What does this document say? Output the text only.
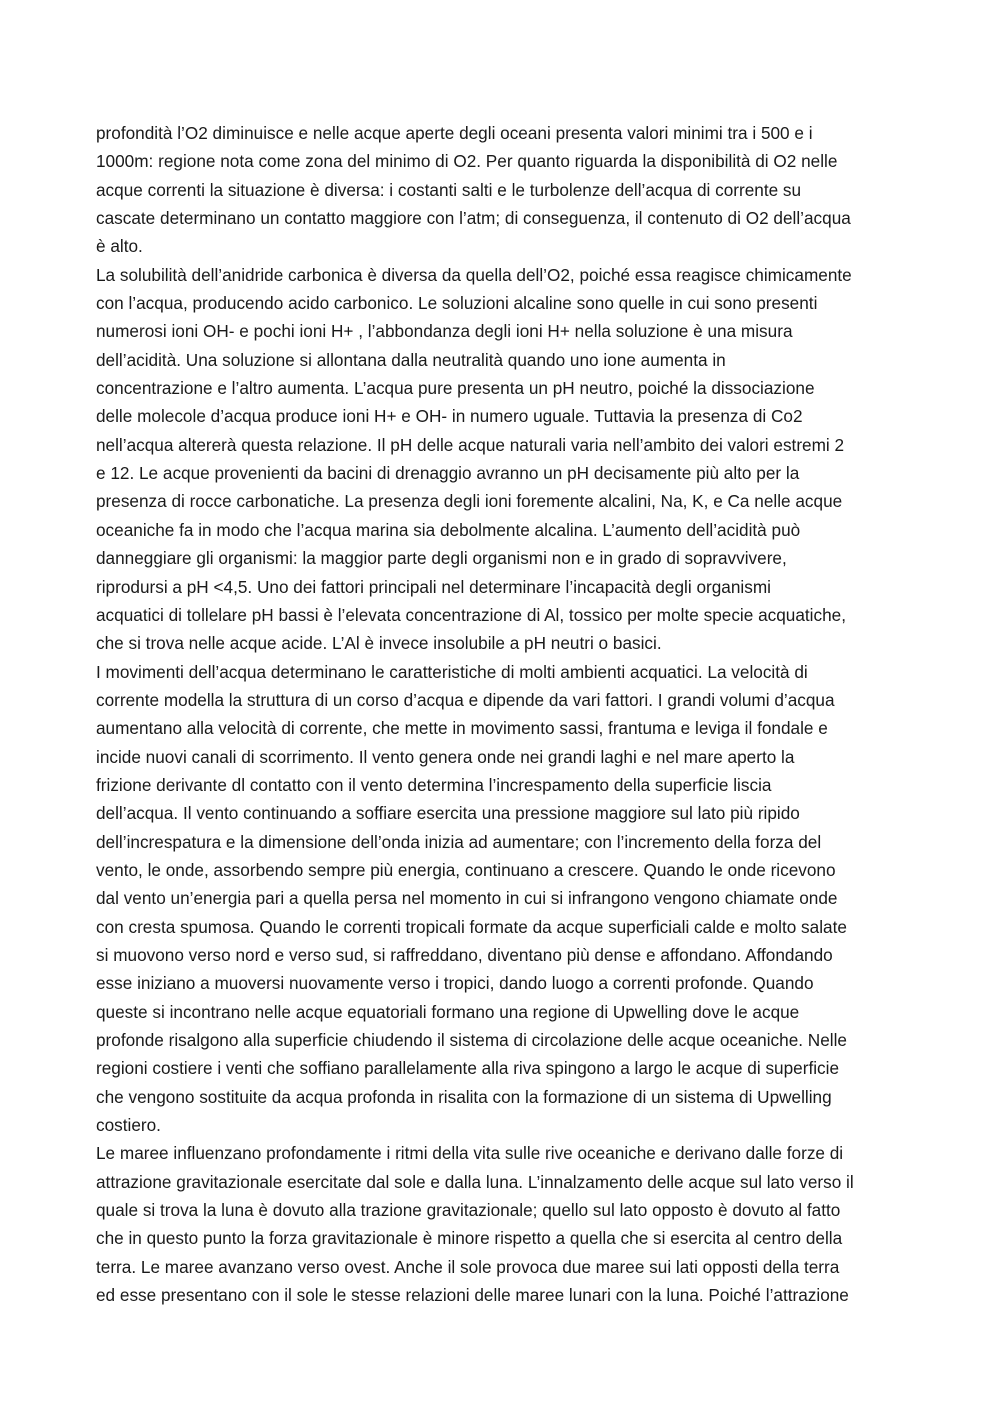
profondità l’O2 diminuisce e nelle acque aperte degli oceani presenta valori minimi tra i 500 e i
1000m: regione nota come zona del minimo di O2. Per quanto riguarda la disponibilità di O2 nelle
acque correnti la situazione è diversa: i costanti salti e le turbolenze dell’acqua di corrente su
cascate determinano un contatto maggiore con l’atm; di conseguenza, il contenuto di O2 dell’acqua
è alto.
La solubilità dell’anidride carbonica è diversa da quella dell’O2, poiché essa reagisce chimicamente
con l’acqua, producendo acido carbonico. Le soluzioni alcaline sono quelle in cui sono presenti
numerosi ioni OH- e pochi ioni H+ , l’abbondanza degli ioni H+ nella soluzione è una misura
dell’acidità. Una soluzione si allontana dalla neutralità quando uno ione aumenta in
concentrazione e l’altro aumenta. L’acqua pure presenta un pH neutro, poiché la dissociazione
delle molecole d’acqua produce ioni H+ e OH- in numero uguale. Tuttavia la presenza di Co2
nell’acqua altererà questa relazione. Il pH delle acque naturali varia nell’ambito dei valori estremi 2
e 12. Le acque provenienti da bacini di drenaggio avranno un pH decisamente più alto per la
presenza di rocce carbonatiche. La presenza degli ioni foremente alcalini, Na, K, e Ca nelle acque
oceaniche fa in modo che l’acqua marina sia debolmente alcalina. L’aumento dell’acidità può
danneggiare gli organismi: la maggior parte degli organismi non e in grado di sopravvivere,
riprodursi a pH <4,5. Uno dei fattori principali nel determinare l’incapacità degli organismi
acquatici di tollelare pH bassi è l’elevata concentrazione di Al, tossico per molte specie acquatiche,
che si trova nelle acque acide. L’Al è invece insolubile a pH neutri o basici.
I movimenti dell’acqua determinano le caratteristiche di molti ambienti acquatici. La velocità di
corrente modella la struttura di un corso d’acqua e dipende da vari fattori. I grandi volumi d’acqua
aumentano alla velocità di corrente, che mette in movimento sassi, frantuma e leviga il fondale e
incide nuovi canali di scorrimento. Il vento genera onde nei grandi laghi e nel mare aperto la
frizione derivante dl contatto con il vento determina l’increspamento della superficie liscia
dell’acqua. Il vento continuando a soffiare esercita una pressione maggiore sul lato più ripido
dell’increspatura e la dimensione dell’onda inizia ad aumentare; con l’incremento della forza del
vento, le onde, assorbendo sempre più energia, continuano a crescere. Quando le onde ricevono
dal vento un’energia pari a quella persa nel momento in cui si infrangono vengono chiamate onde
con cresta spumosa. Quando le correnti tropicali formate da acque superficiali calde e molto salate
si muovono verso nord e verso sud, si raffreddano, diventano più dense e affondano. Affondando
esse iniziano a muoversi nuovamente verso i tropici, dando luogo a correnti profonde. Quando
queste si incontrano nelle acque equatoriali formano una regione di Upwelling dove le acque
profonde risalgono alla superficie chiudendo il sistema di circolazione delle acque oceaniche. Nelle
regioni costiere i venti che soffiano parallelamente alla riva spingono a largo le acque di superficie
che vengono sostituite da acqua profonda in risalita con la formazione di un sistema di Upwelling
costiero.
Le maree influenzano profondamente i ritmi della vita sulle rive oceaniche e derivano dalle forze di
attrazione gravitazionale esercitate dal sole e dalla luna. L’innalzamento delle acque sul lato verso il
quale si trova la luna è dovuto alla trazione gravitazionale; quello sul lato opposto è dovuto al fatto
che in questo punto la forza gravitazionale è minore rispetto a quella che si esercita al centro della
terra. Le maree avanzano verso ovest. Anche il sole provoca due maree sui lati opposti della terra
ed esse presentano con il sole le stesse relazioni delle maree lunari con la luna. Poiché l’attrazione
